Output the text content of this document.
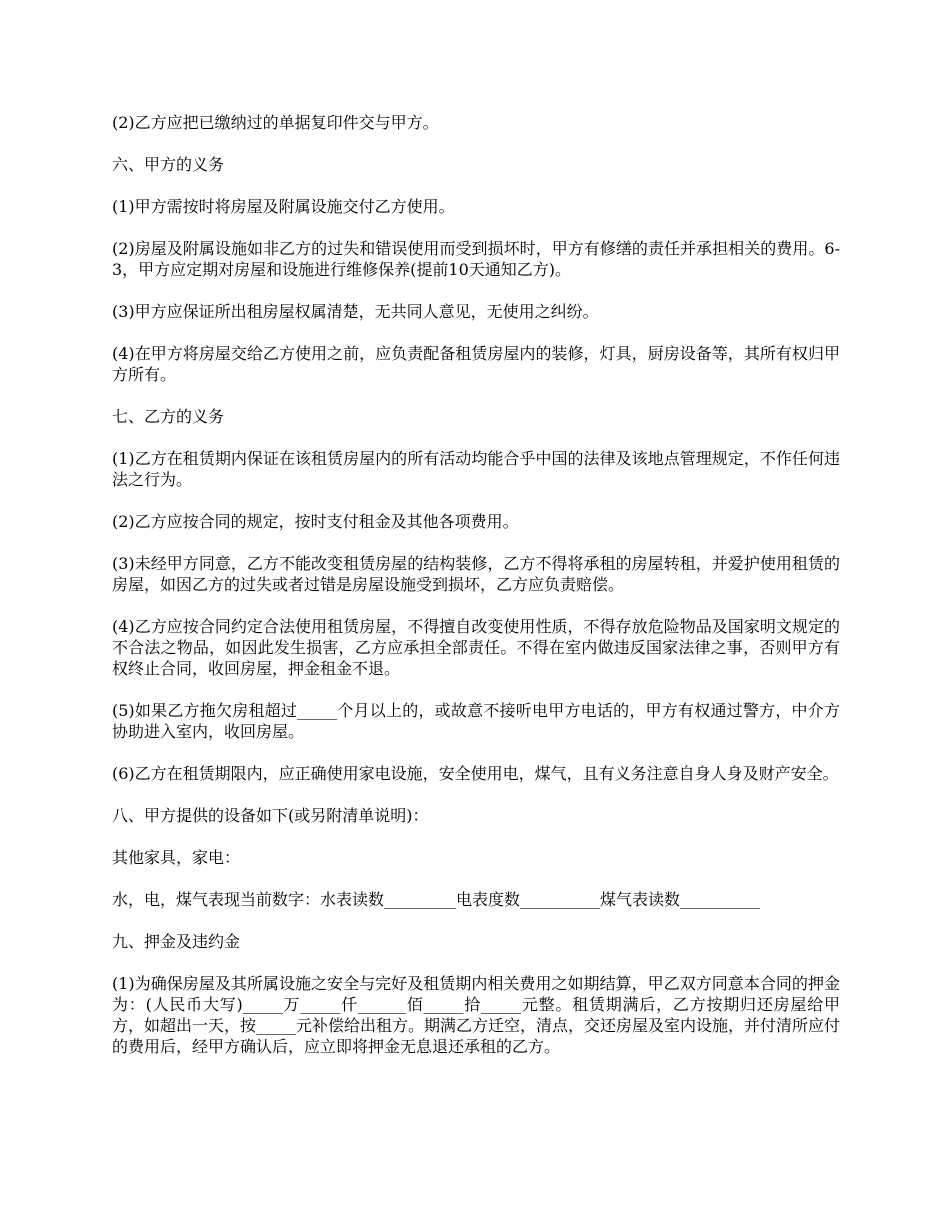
(2)乙方应把已缴纳过的单据复印件交与甲方。

六、甲方的义务

(1)甲方需按时将房屋及附属设施交付乙方使用。

(2)房屋及附属设施如非乙方的过失和错误使用而受到损坏时，甲方有修缮的责任并承担相关的费用。6-3，甲方应定期对房屋和设施进行维修保养(提前10天通知乙方)。

(3)甲方应保证所出租房屋权属清楚，无共同人意见，无使用之纠纷。

(4)在甲方将房屋交给乙方使用之前，应负责配备租赁房屋内的装修，灯具，厨房设备等，其所有权归甲方所有。

七、乙方的义务

(1)乙方在租赁期内保证在该租赁房屋内的所有活动均能合乎中国的法律及该地点管理规定，不作任何违法之行为。

(2)乙方应按合同的规定，按时支付租金及其他各项费用。

(3)未经甲方同意，乙方不能改变租赁房屋的结构装修，乙方不得将承租的房屋转租，并爱护使用租赁的房屋，如因乙方的过失或者过错是房屋设施受到损坏，乙方应负责赔偿。

(4)乙方应按合同约定合法使用租赁房屋，不得擅自改变使用性质，不得存放危险物品及国家明文规定的不合法之物品，如因此发生损害，乙方应承担全部责任。不得在室内做违反国家法律之事，否则甲方有权终止合同，收回房屋，押金租金不退。

(5)如果乙方拖欠房租超过_____个月以上的，或故意不接听电甲方电话的，甲方有权通过警方，中介方协助进入室内，收回房屋。

(6)乙方在租赁期限内，应正确使用家电设施，安全使用电，煤气，且有义务注意自身人身及财产安全。

八、甲方提供的设备如下(或另附清单说明)：

其他家具，家电：

水，电，煤气表现当前数字：水表读数_________电表度数__________煤气表读数__________

九、押金及违约金

(1)为确保房屋及其所属设施之安全与完好及租赁期内相关费用之如期结算，甲乙双方同意本合同的押金为：(人民币大写)_____万_____仟______佰_____拾_____元整。租赁期满后，乙方按期归还房屋给甲方，如超出一天，按_____元补偿给出租方。期满乙方迁空，清点，交还房屋及室内设施，并付清所应付的费用后，经甲方确认后，应立即将押金无息退还承租的乙方。
